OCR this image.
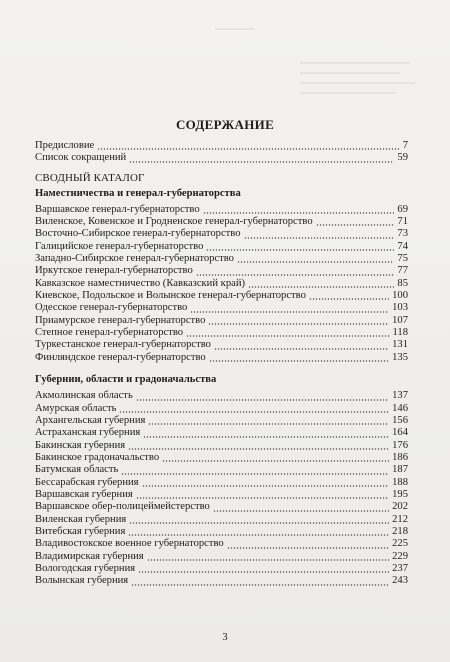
СОДЕРЖАНИЕ
Предисловие	7
Список сокращений	59
СВОДНЫЙ КАТАЛОГ
Наместничества и генерал-губернаторства
Варшавское генерал-губернаторство	69
Виленское, Ковенское и Гродненское генерал-губернаторство	71
Восточно-Сибирское генерал-губернаторство	73
Галицийское генерал-губернаторство	74
Западно-Сибирское генерал-губернаторство	75
Иркутское генерал-губернаторство	77
Кавказское наместничество (Кавказский край)	85
Киевское, Подольское и Волынское генерал-губернаторство	100
Одесское генерал-губернаторство	103
Приамурское генерал-губернаторство	107
Степное генерал-губернаторство	118
Туркестанское генерал-губернаторство	131
Финляндское генерал-губернаторство	135
Губернии, области и градоначальства
Акмолинская область	137
Амурская область	146
Архангельская губерния	156
Астраханская губерния	164
Бакинская губерния	176
Бакинское градоначальство	186
Батумская область	187
Бессарабская губерния	188
Варшавская губерния	195
Варшавское обер-полицеймейстерство	202
Виленская губерния	212
Витебская губерния	218
Владивостокское военное губернаторство	225
Владимирская губерния	229
Вологодская губерния	237
Волынская губерния	243
3
